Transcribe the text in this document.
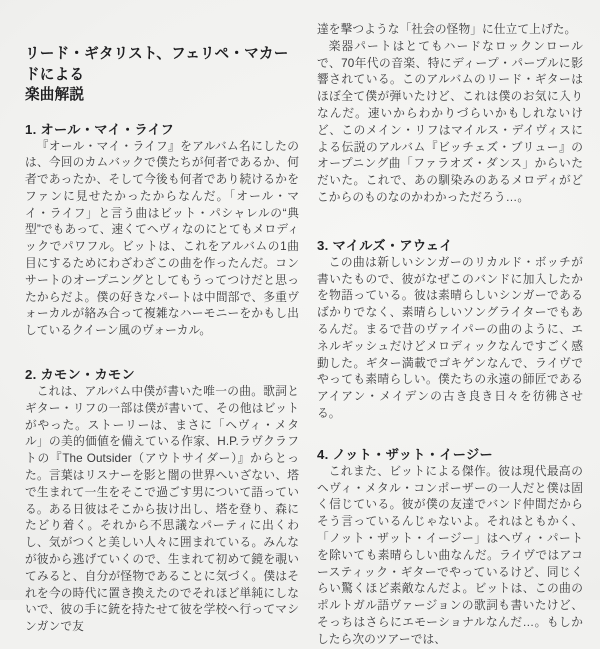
リード・ギタリスト、フェリペ・マカードによる
楽曲解説
1. オール・マイ・ライフ

『オール・マイ・ライフ』をアルバム名にしたのは、今回のカムバックで僕たちが何者であるか、何者であったか、そして今後も何者であり続けるかをファンに見せたかったからなんだ。「オール・マイ・ライフ」と言う曲はビット・パシャレルの“典型”でもあって、速くてヘヴィなのにとてもメロディックでパワフル。ビットは、これをアルバムの1曲目にするためにわざわざこの曲を作ったんだ。コンサートのオープニングとしてもうってつけだと思ったからだよ。僕の好きなパートは中間部で、多重ヴォーカルが絡み合って複雑なハーモニーをかもし出しているクイーン風のヴォーカル。

2. カモン・カモン

これは、アルバム中僕が書いた唯一の曲。歌詞とギター・リフの一部は僕が書いて、その他はビットがやった。ストーリーは、まさに「ヘヴィ・メタル」の美的価値を備えている作家、H.P.ラヴクラフトの『The Outsider（アウトサイダー）』からとった。言葉はリスナーを影と闇の世界へいざない、塔で生まれて一生をそこで過ごす男について語っている。ある日彼はそこから抜け出し、塔を登り、森にたどり着く。それから不思議なパーティに出くわし、気がつくと美しい人々に囲まれている。みんなが彼から逃げていくので、生まれて初めて鏡を覗いてみると、自分が怪物であることに気づく。僕はそれを今の時代に置き換えたのでそれほど単純にしないで、彼の手に銃を持たせて彼を学校へ行ってマシンガンで友

達を撃つような「社会の怪物」に仕立て上げた。

楽器パートはとてもハードなロックンロールで、70年代の音楽、特にディープ・パープルに影響されている。このアルバムのリード・ギターはほぼ全て僕が弾いたけど、これは僕のお気に入りなんだ。速いからわかりづらいかもしれないけど、このメイン・リフはマイルス・デイヴィスによる伝説のアルバム『ビッチェズ・ブリュー』のオープニング曲「ファラオズ・ダンス」からいただいた。これで、あの馴染みのあるメロディがどこからのものなのかわかっただろう…。

3. マイルズ・アウェイ

この曲は新しいシンガーのリカルド・ボッチが書いたもので、彼がなぜこのバンドに加入したかを物語っている。彼は素晴らしいシンガーであるばかりでなく、素晴らしいソングライターでもあるんだ。まるで昔のヴァイパーの曲のように、エネルギッシュだけどメロディックなんですごく感動した。ギター満載でゴキゲンなんで、ライヴでやっても素晴らしい。僕たちの永遠の師匠であるアイアン・メイデンの古き良き日々を彷彿させる。

4. ノット・ザット・イージー

これまた、ビットによる傑作。彼は現代最高のヘヴィ・メタル・コンポーザーの一人だと僕は固く信じている。彼が僕の友達でバンド仲間だからそう言っているんじゃないよ。それはともかく、「ノット・ザット・イージー」はヘヴィ・パートを除いても素晴らしい曲なんだ。ライヴではアコースティック・ギターでやっているけど、同じくらい驚くほど素敵なんだよ。ビットは、この曲のポルトガル語ヴァージョンの歌詞も書いたけど、そっちはさらにエモーショナルなんだ…。もしかしたら次のツアーでは、
